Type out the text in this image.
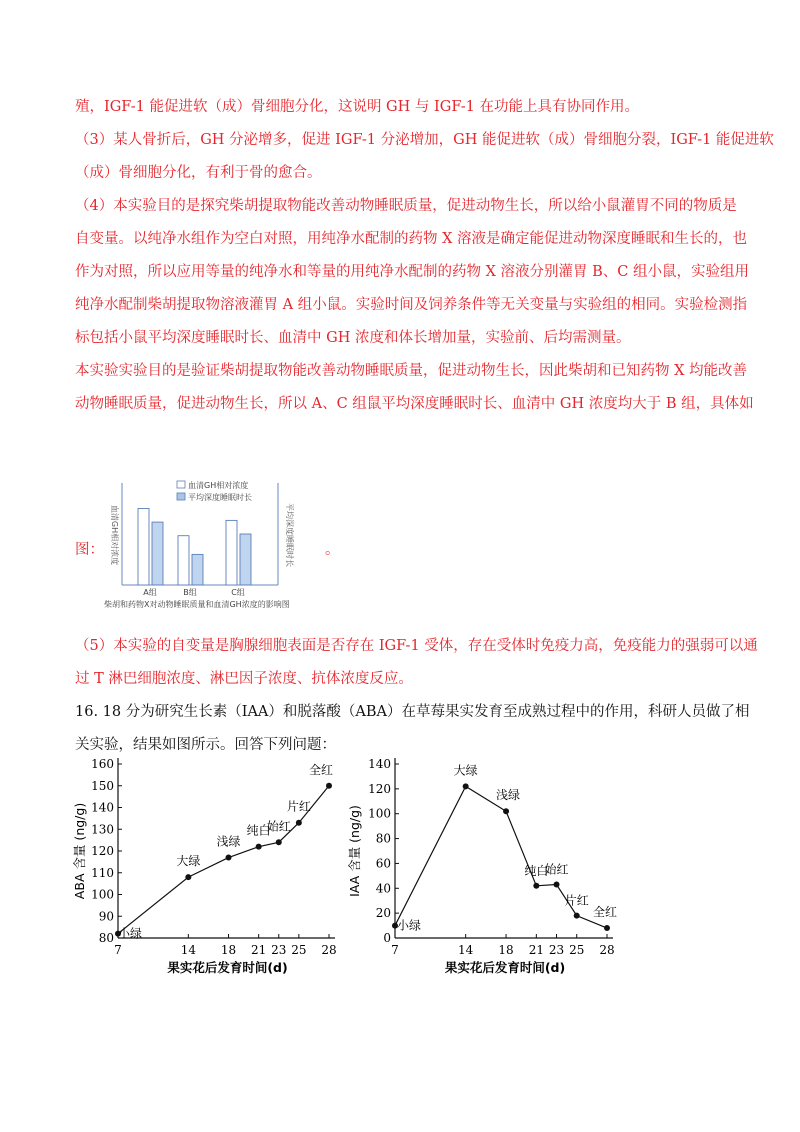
殖，IGF-1 能促进软（成）骨细胞分化，这说明 GH 与 IGF-1 在功能上具有协同作用。
（3）某人骨折后，GH 分泌增多，促进 IGF-1 分泌增加，GH 能促进软（成）骨细胞分裂，IGF-1 能促进软
（成）骨细胞分化，有利于骨的愈合。
（4）本实验目的是探究柴胡提取物能改善动物睡眠质量，促进动物生长，所以给小鼠灌胃不同的物质是
自变量。以纯净水组作为空白对照，用纯净水配制的药物 X 溶液是确定能促进动物深度睡眠和生长的，也
作为对照，所以应用等量的纯净水和等量的用纯净水配制的药物 X 溶液分别灌胃 B、C 组小鼠，实验组用
纯净水配制柴胡提取物溶液灌胃 A 组小鼠。实验时间及饲养条件等无关变量与实验组的相同。实验检测指
标包括小鼠平均深度睡眠时长、血清中 GH 浓度和体长增加量，实验前、后均需测量。
本实验实验目的是验证柴胡提取物能改善动物睡眠质量，促进动物生长，因此柴胡和已知药物 X 均能改善
动物睡眠质量，促进动物生长，所以 A、C 组鼠平均深度睡眠时长、血清中 GH 浓度均大于 B 组，具体如
图：	。
血清GH相对浓度	平均深度睡眠时长
血清GH相对浓度
平均深度睡眠时长
A组	B组	C组
柴胡和药物X对动物睡眠质量和血清GH浓度的影响图
（5）本实验的自变量是胸腺细胞表面是否存在 IGF-1 受体，存在受体时免疫力高，免疫能力的强弱可以通
过 T 淋巴细胞浓度、淋巴因子浓度、抗体浓度反应。
16. 18 分为研究生长素（IAA）和脱落酸（ABA）在草莓果实发育至成熟过程中的作用，科研人员做了相
关实验，结果如图所示。回答下列问题：
80
90
100
110
120
130
140
150
160
7	14 18 21 23 25 28
果实花后发育时间(d)
ABA 含量 (ng/g)
小绿
大绿
浅绿
纯白
始红
片红
全红
0
20
40
60
80
100
120
140
7	14 18 21 23 25 28
果实花后发育时间(d)
IAA 含量 (ng/g)
小绿
大绿
浅绿
纯白
始红
片红
全红
